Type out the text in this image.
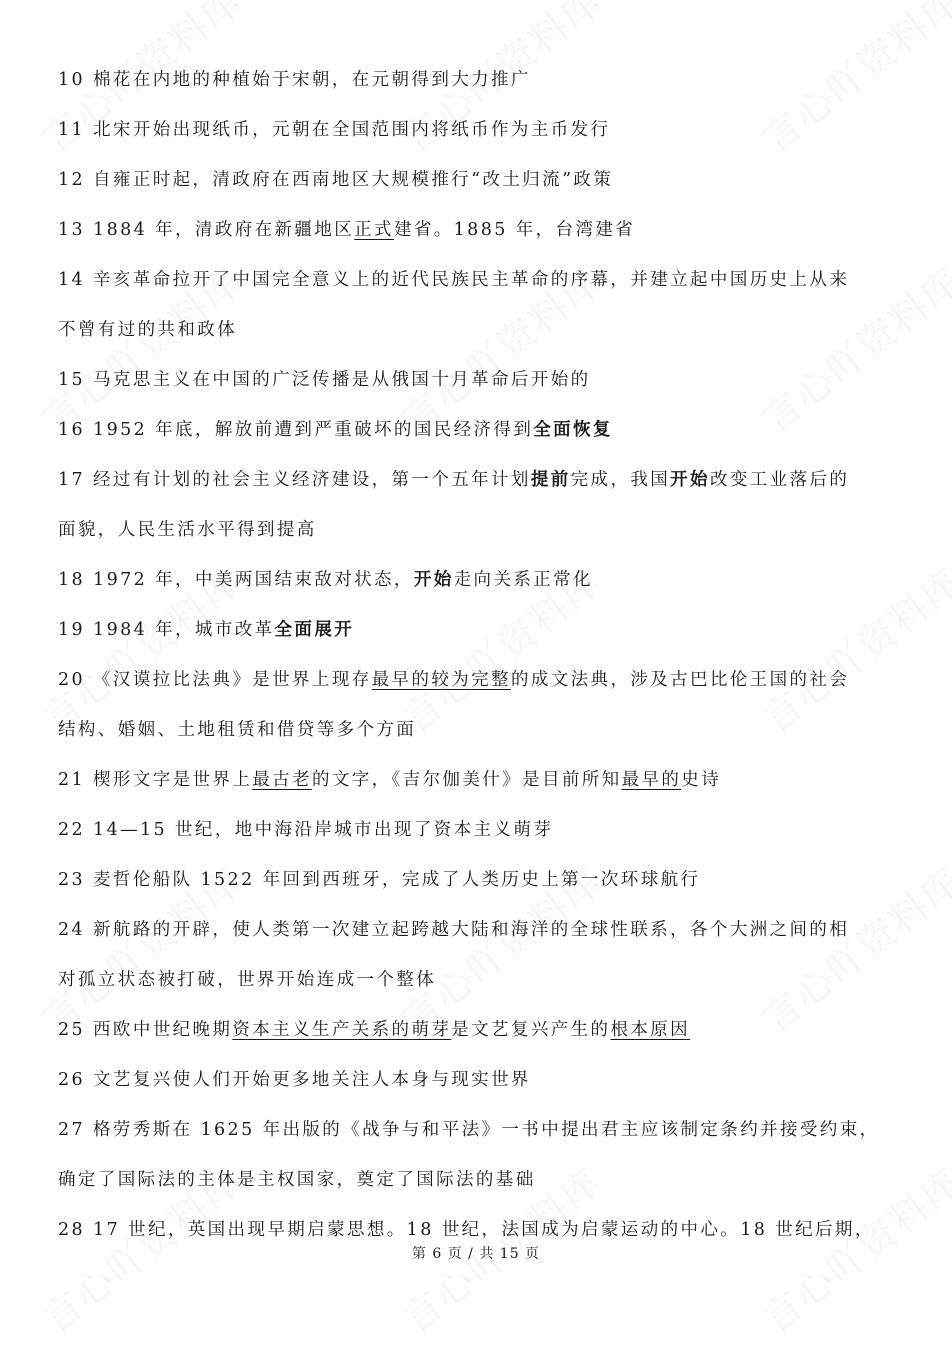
10 棉花在内地的种植始于宋朝，在元朝得到大力推广
11 北宋开始出现纸币，元朝在全国范围内将纸币作为主币发行
12 自雍正时起，清政府在西南地区大规模推行“改土归流”政策
13 1884 年，清政府在新疆地区正式建省。1885 年，台湾建省
14 辛亥革命拉开了中国完全意义上的近代民族民主革命的序幕，并建立起中国历史上从来
不曾有过的共和政体
15 马克思主义在中国的广泛传播是从俄国十月革命后开始的
16 1952 年底，解放前遭到严重破坏的国民经济得到全面恢复
17 经过有计划的社会主义经济建设，第一个五年计划提前完成，我国开始改变工业落后的
面貌，人民生活水平得到提高
18 1972 年，中美两国结束敌对状态，开始走向关系正常化
19 1984 年，城市改革全面展开
20 《汉谟拉比法典》是世界上现存最早的较为完整的成文法典，涉及古巴比伦王国的社会
结构、婚姻、土地租赁和借贷等多个方面
21 楔形文字是世界上最古老的文字，《吉尔伽美什》是目前所知最早的史诗
22 14—15 世纪，地中海沿岸城市出现了资本主义萌芽
23 麦哲伦船队 1522 年回到西班牙，完成了人类历史上第一次环球航行
24 新航路的开辟，使人类第一次建立起跨越大陆和海洋的全球性联系，各个大洲之间的相
对孤立状态被打破，世界开始连成一个整体
25 西欧中世纪晚期资本主义生产关系的萌芽是文艺复兴产生的根本原因
26 文艺复兴使人们开始更多地关注人本身与现实世界
27 格劳秀斯在 1625 年出版的《战争与和平法》一书中提出君主应该制定条约并接受约束，
确定了国际法的主体是主权国家，奠定了国际法的基础
28 17 世纪，英国出现早期启蒙思想。18 世纪，法国成为启蒙运动的中心。18 世纪后期，
第 6 页 / 共 15 页
